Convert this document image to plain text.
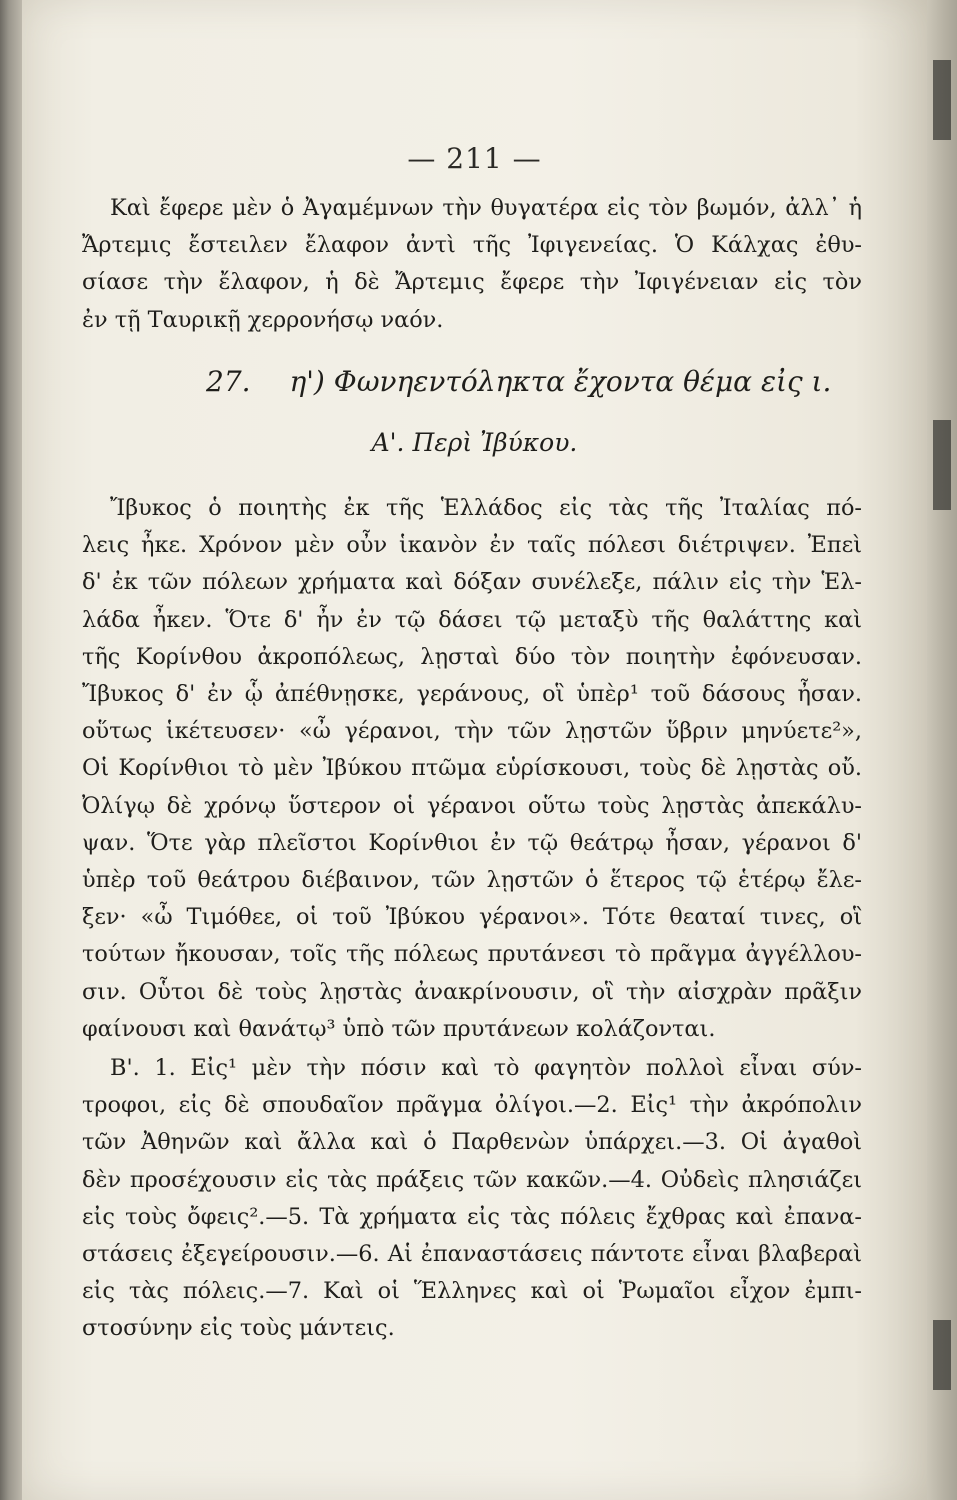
— 211 —
Καὶ ἔφερε μὲν ὁ Ἀγαμέμνων τὴν θυγατέρα εἰς τὸν βωμόν, ἀλλ᾽ ἡ
Ἄρτεμις ἔστειλεν ἔλαφον ἀντὶ τῆς Ἰφιγενείας. Ὁ Κάλχας ἐθυ-
σίασε τὴν ἔλαφον, ἡ δὲ Ἄρτεμις ἔφερε τὴν Ἰφιγένειαν εἰς τὸν
ἐν τῇ Ταυρικῇ χερρονήσῳ ναόν.
27. η') Φωνηεντόληκτα ἔχοντα θέμα εἰς ι.
Α'. Περὶ Ἰβύκου.
Ἴβυκος ὁ ποιητὴς ἐκ τῆς Ἑλλάδος εἰς τὰς τῆς Ἰταλίας πό-
λεις ἦκε. Χρόνον μὲν οὖν ἱκανὸν ἐν ταῖς πόλεσι διέτριψεν. Ἐπεὶ
δ' ἐκ τῶν πόλεων χρήματα καὶ δόξαν συνέλεξε, πάλιν εἰς τὴν Ἑλ-
λάδα ἦκεν. Ὅτε δ' ἦν ἐν τῷ δάσει τῷ μεταξὺ τῆς θαλάττης καὶ
τῆς Κορίνθου ἀκροπόλεως, λῃσταὶ δύο τὸν ποιητὴν ἐφόνευσαν.
Ἴβυκος δ' ἐν ᾧ ἀπέθνῃσκε, γεράνους, οἳ ὑπὲρ¹ τοῦ δάσους ἦσαν.
οὕτως ἱκέτευσεν· «ὦ γέρανοι, τὴν τῶν λῃστῶν ὕβριν μηνύετε²»,
Οἱ Κορίνθιοι τὸ μὲν Ἰβύκου πτῶμα εὑρίσκουσι, τοὺς δὲ λῃστὰς οὔ.
Ὀλίγῳ δὲ χρόνῳ ὕστερον οἱ γέρανοι οὕτω τοὺς λῃστὰς ἀπεκάλυ-
ψαν. Ὅτε γὰρ πλεῖστοι Κορίνθιοι ἐν τῷ θεάτρῳ ἦσαν, γέρανοι δ'
ὑπὲρ τοῦ θεάτρου διέβαινον, τῶν λῃστῶν ὁ ἕτερος τῷ ἑτέρῳ ἔλε-
ξεν· «ὦ Τιμόθεε, οἱ τοῦ Ἰβύκου γέρανοι». Τότε θεαταί τινες, οἳ
τούτων ἤκουσαν, τοῖς τῆς πόλεως πρυτάνεσι τὸ πρᾶγμα ἀγγέλλου-
σιν. Οὗτοι δὲ τοὺς λῃστὰς ἀνακρίνουσιν, οἳ τὴν αἰσχρὰν πρᾶξιν
φαίνουσι καὶ θανάτῳ³ ὑπὸ τῶν πρυτάνεων κολάζονται.
Β'. 1. Εἰς¹ μὲν τὴν πόσιν καὶ τὸ φαγητὸν πολλοὶ εἶναι σύν-
τροφοι, εἰς δὲ σπουδαῖον πρᾶγμα ὀλίγοι.—2. Εἰς¹ τὴν ἀκρόπολιν
τῶν Ἀθηνῶν καὶ ἄλλα καὶ ὁ Παρθενὼν ὑπάρχει.—3. Οἱ ἀγαθοὶ
δὲν προσέχουσιν εἰς τὰς πράξεις τῶν κακῶν.—4. Οὐδεὶς πλησιάζει
εἰς τοὺς ὄφεις².—5. Τὰ χρήματα εἰς τὰς πόλεις ἔχθρας καὶ ἐπανα-
στάσεις ἐξεγείρουσιν.—6. Αἱ ἐπαναστάσεις πάντοτε εἶναι βλαβεραὶ
εἰς τὰς πόλεις.—7. Καὶ οἱ Ἕλληνες καὶ οἱ Ῥωμαῖοι εἶχον ἐμπι-
στοσύνην εἰς τοὺς μάντεις.
